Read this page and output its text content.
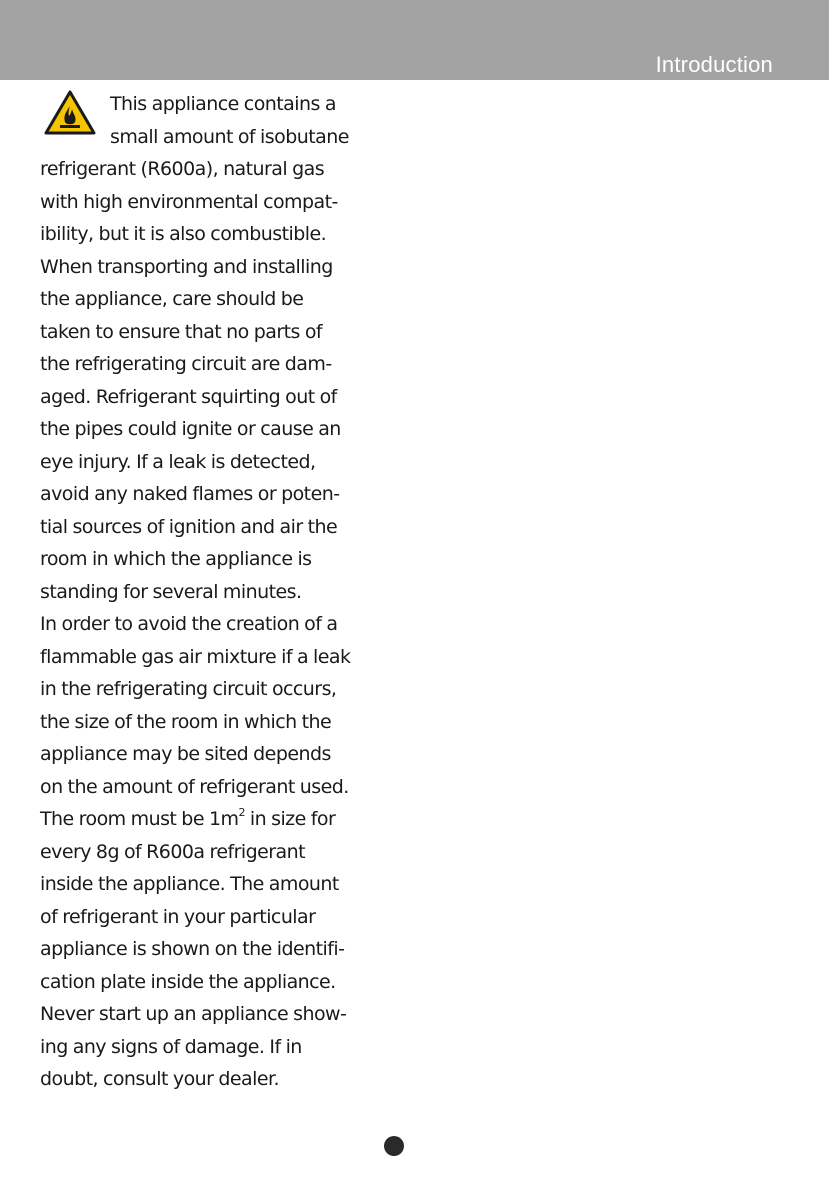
Introduction
This appliance contains a
small amount of isobutane
refrigerant (R600a), natural gas
with high environmental compat-
ibility, but it is also combustible.
When transporting and installing
the appliance, care should be
taken to ensure that no parts of
the refrigerating circuit are dam-
aged. Refrigerant squirting out of
the pipes could ignite or cause an
eye injury. If a leak is detected,
avoid any naked flames or poten-
tial sources of ignition and air the
room in which the appliance is
standing for several minutes.
In order to avoid the creation of a
flammable gas air mixture if a leak
in the refrigerating circuit occurs,
the size of the room in which the
appliance may be sited depends
on the amount of refrigerant used.
The room must be $1m^2$ in size for
every 8g of R600a refrigerant
inside the appliance. The amount
of refrigerant in your particular
appliance is shown on the identifi-
cation plate inside the appliance.
Never start up an appliance show-
ing any signs of damage. If in
doubt, consult your dealer.
